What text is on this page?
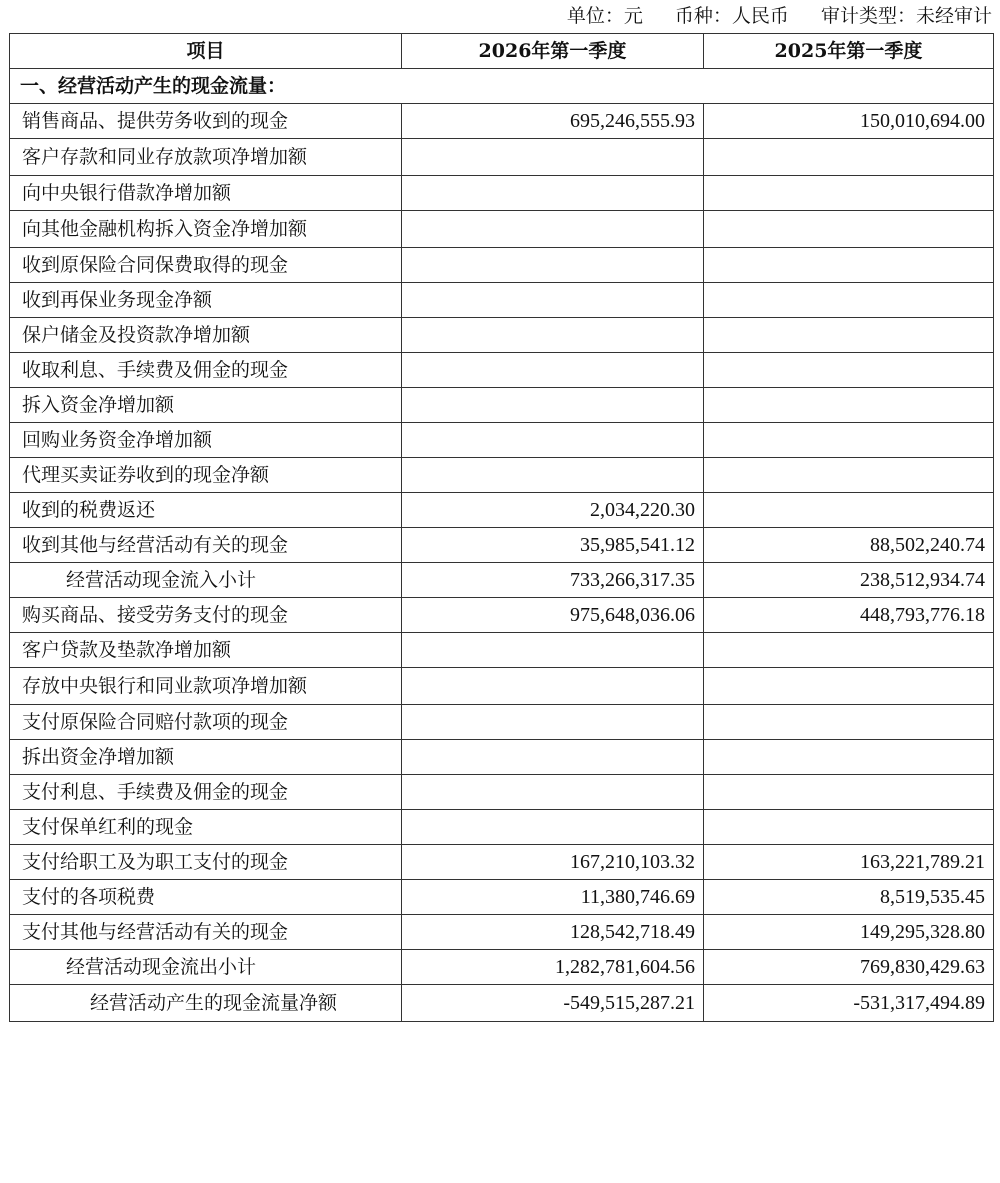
单位：元 币种：人民币 审计类型：未经审计
项目	2026年第一季度	2025年第一季度
一、经营活动产生的现金流量：		
销售商品、提供劳务收到的现金	695,246,555.93	150,010,694.00
客户存款和同业存放款项净增加额		
向中央银行借款净增加额		
向其他金融机构拆入资金净增加额		
收到原保险合同保费取得的现金		
收到再保业务现金净额		
保户储金及投资款净增加额		
收取利息、手续费及佣金的现金		
拆入资金净增加额		
回购业务资金净增加额		
代理买卖证券收到的现金净额		
收到的税费返还	2,034,220.30	
收到其他与经营活动有关的现金	35,985,541.12	88,502,240.74
经营活动现金流入小计	733,266,317.35	238,512,934.74
购买商品、接受劳务支付的现金	975,648,036.06	448,793,776.18
客户贷款及垫款净增加额		
存放中央银行和同业款项净增加额		
支付原保险合同赔付款项的现金		
拆出资金净增加额		
支付利息、手续费及佣金的现金		
支付保单红利的现金		
支付给职工及为职工支付的现金	167,210,103.32	163,221,789.21
支付的各项税费	11,380,746.69	8,519,535.45
支付其他与经营活动有关的现金	128,542,718.49	149,295,328.80
经营活动现金流出小计	1,282,781,604.56	769,830,429.63
经营活动产生的现金流量净额	-549,515,287.21	-531,317,494.89
